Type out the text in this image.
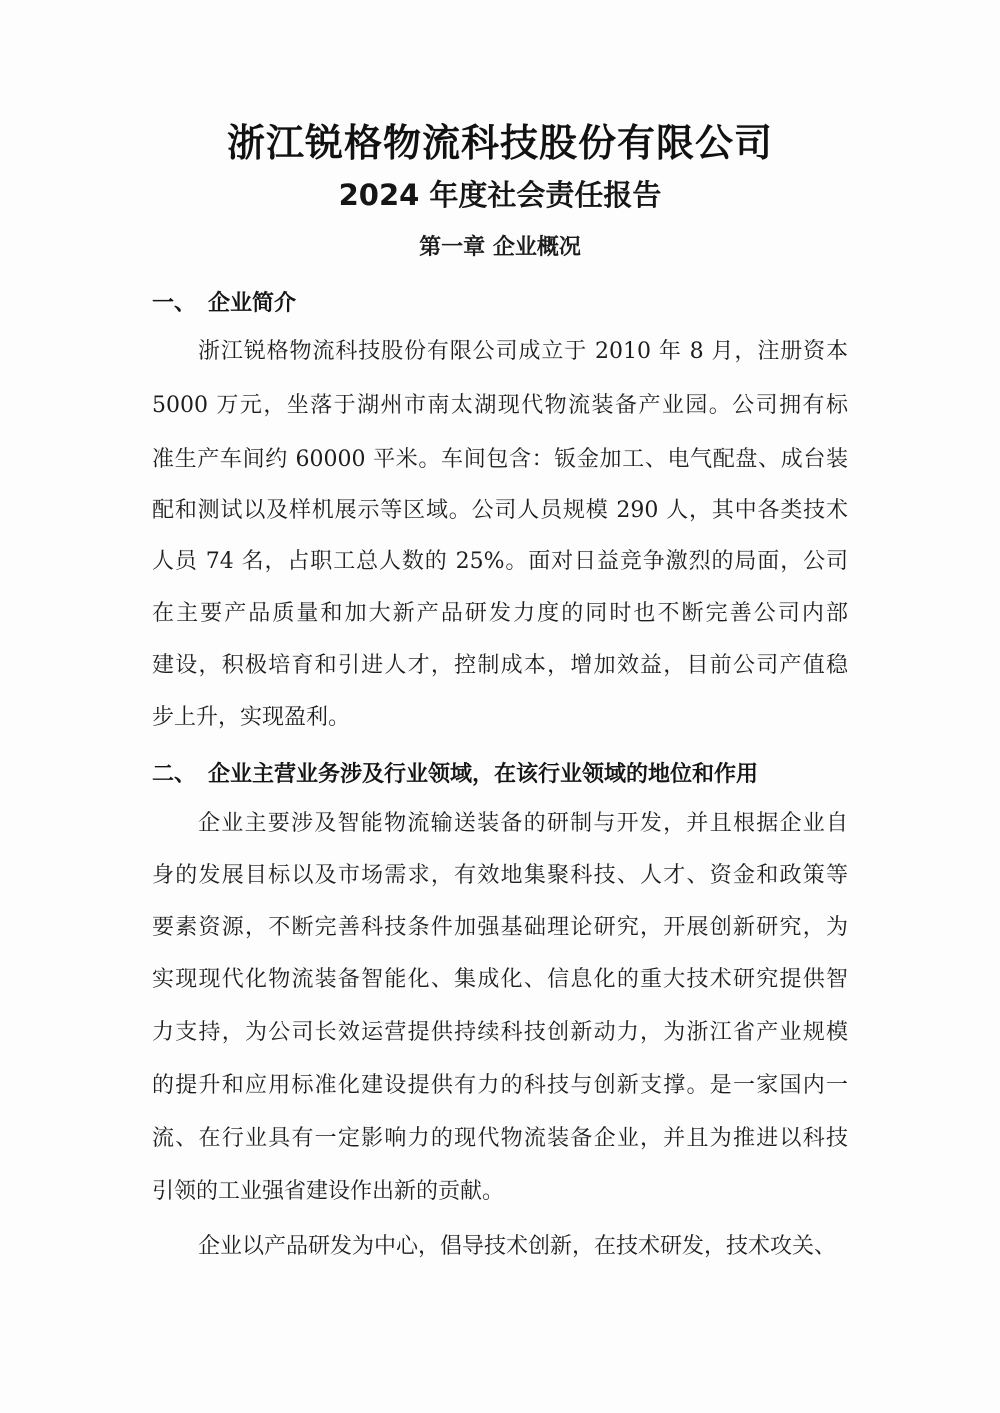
浙江锐格物流科技股份有限公司
2024 年度社会责任报告
第一章 企业概况
一、 企业简介
浙江锐格物流科技股份有限公司成立于 2010 年 8 月，注册资本
5000 万元，坐落于湖州市南太湖现代物流装备产业园。公司拥有标
准生产车间约 60000 平米。车间包含：钣金加工、电气配盘、成台装
配和测试以及样机展示等区域。公司人员规模 290 人，其中各类技术
人员 74 名，占职工总人数的 25%。面对日益竞争激烈的局面，公司
在主要产品质量和加大新产品研发力度的同时也不断完善公司内部
建设，积极培育和引进人才，控制成本，增加效益，目前公司产值稳
步上升，实现盈利。
二、 企业主营业务涉及行业领域，在该行业领域的地位和作用
企业主要涉及智能物流输送装备的研制与开发，并且根据企业自
身的发展目标以及市场需求，有效地集聚科技、人才、资金和政策等
要素资源，不断完善科技条件加强基础理论研究，开展创新研究，为
实现现代化物流装备智能化、集成化、信息化的重大技术研究提供智
力支持，为公司长效运营提供持续科技创新动力，为浙江省产业规模
的提升和应用标准化建设提供有力的科技与创新支撑。是一家国内一
流、在行业具有一定影响力的现代物流装备企业，并且为推进以科技
引领的工业强省建设作出新的贡献。
企业以产品研发为中心，倡导技术创新，在技术研发，技术攻关、
